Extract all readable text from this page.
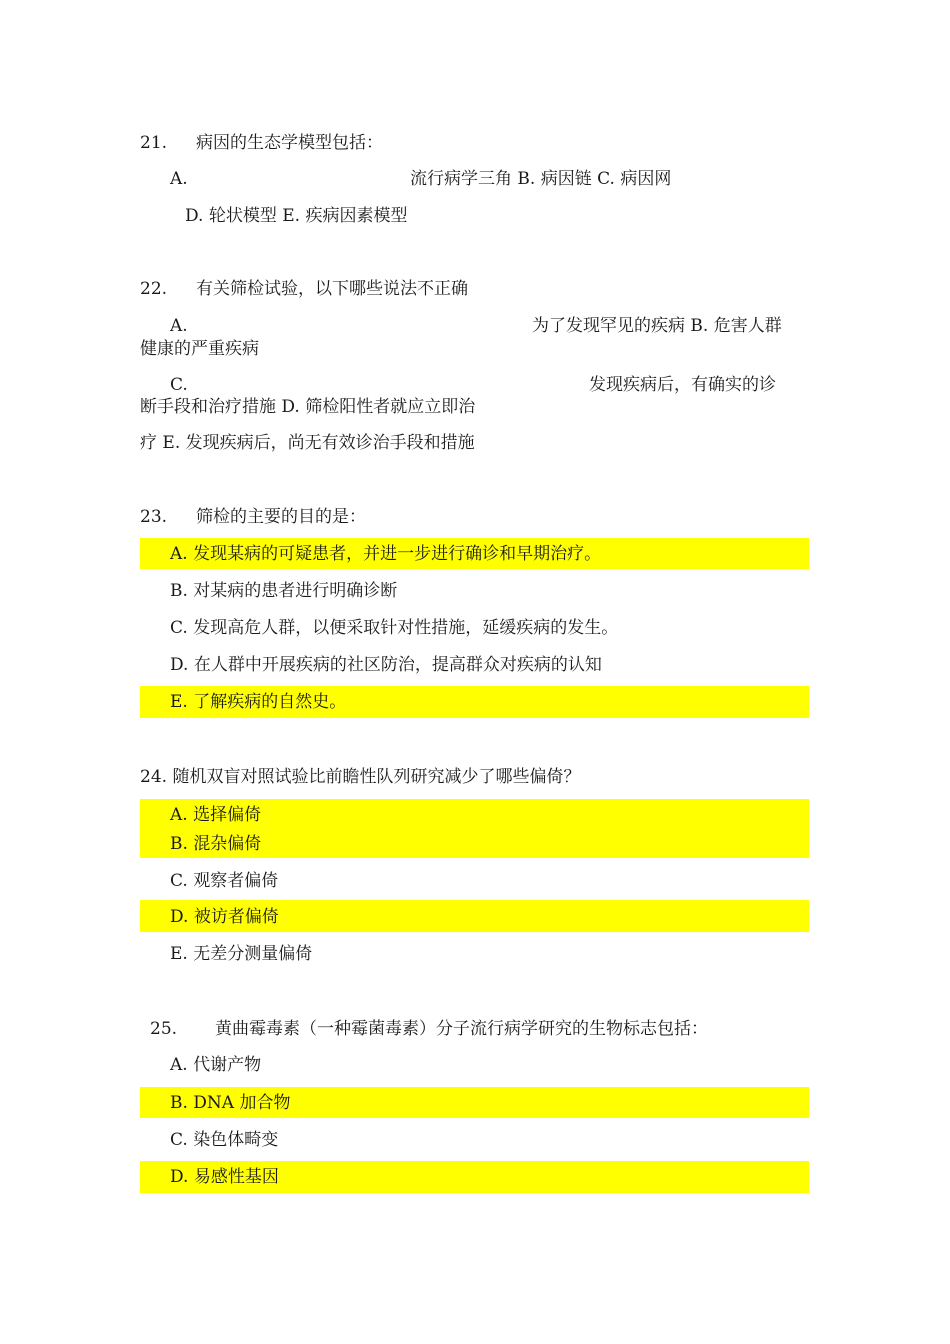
21. 病因的生态学模型包括：
A.	流行病学三角 B. 病因链 C. 病因网
D. 轮状模型 E. 疾病因素模型
22. 有关筛检试验，以下哪些说法不正确
A.	为了发现罕见的疾病 B. 危害人群
健康的严重疾病
C.	发现疾病后，有确实的诊
断手段和治疗措施 D. 筛检阳性者就应立即治
疗 E. 发现疾病后，尚无有效诊治手段和措施
23. 筛检的主要的目的是：
A. 发现某病的可疑患者，并进一步进行确诊和早期治疗。
B. 对某病的患者进行明确诊断
C. 发现高危人群，以便采取针对性措施，延缓疾病的发生。
D. 在人群中开展疾病的社区防治，提高群众对疾病的认知
E. 了解疾病的自然史。
24. 随机双盲对照试验比前瞻性队列研究减少了哪些偏倚？
A. 选择偏倚
B. 混杂偏倚
C. 观察者偏倚
D. 被访者偏倚
E. 无差分测量偏倚
25. 黄曲霉毒素（一种霉菌毒素）分子流行病学研究的生物标志包括：
A. 代谢产物
B. DNA 加合物
C. 染色体畸变
D. 易感性基因
